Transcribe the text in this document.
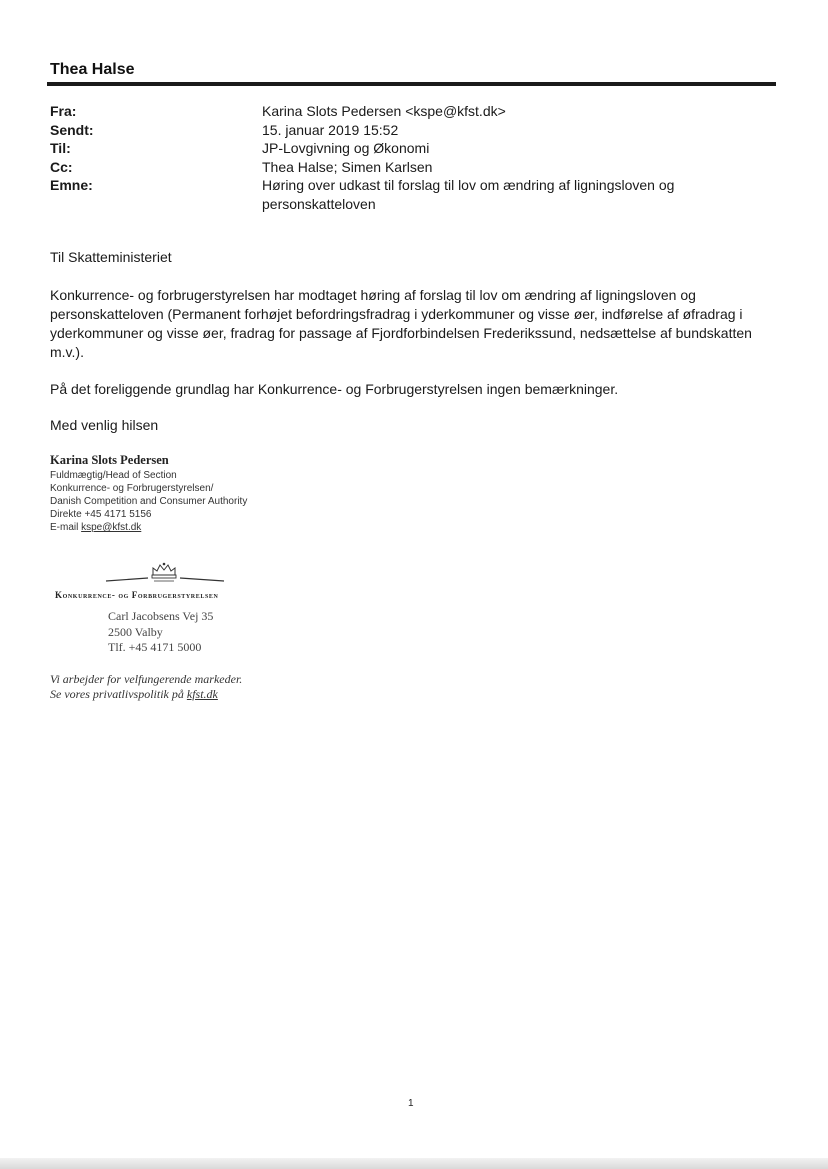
Thea Halse
Fra:	Karina Slots Pedersen <kspe@kfst.dk>
Sendt:	15. januar 2019 15:52
Til:	JP-Lovgivning og Økonomi
Cc:	Thea Halse; Simen Karlsen
Emne:	Høring over udkast til forslag til lov om ændring af ligningsloven og personskatteloven

Til Skatteministeriet

Konkurrence- og forbrugerstyrelsen har modtaget høring af forslag til lov om ændring af ligningsloven og personskatteloven (Permanent forhøjet befordringsfradrag i yderkommuner og visse øer, indførelse af øfradrag i yderkommuner og visse øer, fradrag for passage af Fjordforbindelsen Frederikssund, nedsættelse af bundskatten m.v.).

På det foreliggende grundlag har Konkurrence- og Forbrugerstyrelsen ingen bemærkninger.

Med venlig hilsen

Karina Slots Pedersen
Fuldmægtig/Head of Section
Konkurrence- og Forbrugerstyrelsen/
Danish Competition and Consumer Authority
Direkte +45 4171 5156
E-mail kspe@kfst.dk
Konkurrence- og Forbrugerstyrelsen
Carl Jacobsens Vej 35
2500 Valby
Tlf. +45 4171 5000
Vi arbejder for velfungerende markeder.
Se vores privatlivspolitik på kfst.dk
1
